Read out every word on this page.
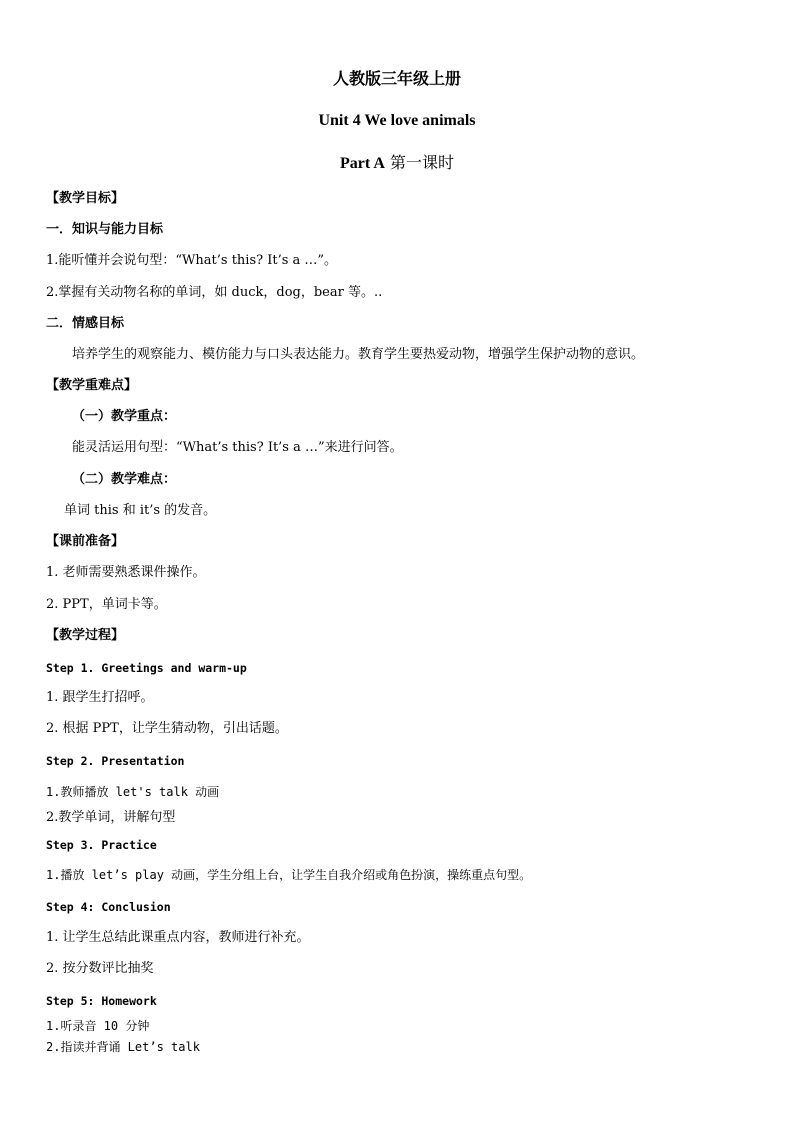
人教版三年级上册
Unit 4 We love animals
Part A 第一课时
【教学目标】
一．知识与能力目标
1.能听懂并会说句型：“What’s this? It’s a …”。
2.掌握有关动物名称的单词，如 duck，dog，bear 等。..
二．情感目标
培养学生的观察能力、模仿能力与口头表达能力。教育学生要热爱动物，增强学生保护动物的意识。
【教学重难点】
（一）教学重点：
能灵活运用句型：“What’s this? It’s a …”来进行问答。
（二）教学难点：
单词 this 和 it’s 的发音。
【课前准备】
1. 老师需要熟悉课件操作。
2. PPT，单词卡等。
【教学过程】
Step 1. Greetings and warm-up
1. 跟学生打招呼。
2. 根据 PPT，让学生猜动物，引出话题。
Step 2. Presentation
1.教师播放 let's talk 动画
2.教学单词，讲解句型
Step 3. Practice
1.播放 let’s play 动画，学生分组上台，让学生自我介绍或角色扮演，操练重点句型。
Step 4: Conclusion
1. 让学生总结此课重点内容，教师进行补充。
2. 按分数评比抽奖
Step 5: Homework
1.听录音 10 分钟
2.指读并背诵 Let’s talk
